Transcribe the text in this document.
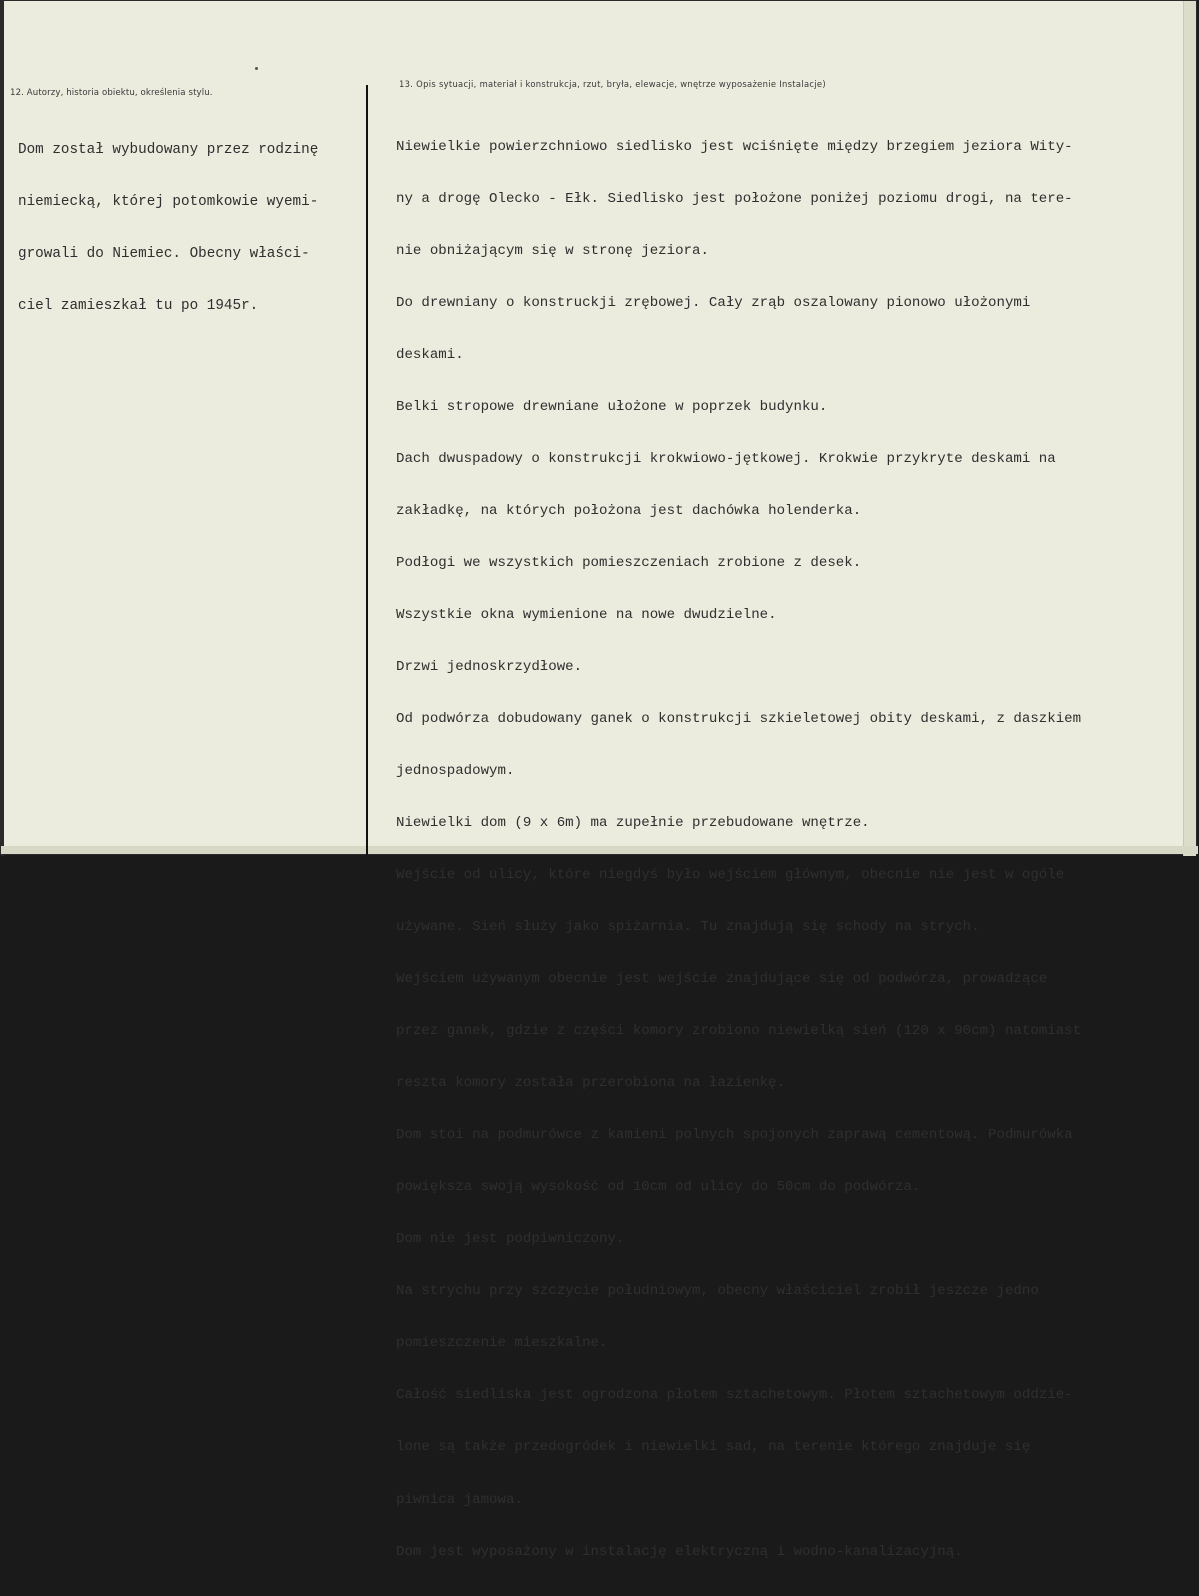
12. Autorzy, historia obiektu, określenia stylu.
13. Opis sytuacji, materiał i konstrukcja, rzut, bryła, elewacje, wnętrze wyposażenie Instalacje)

Dom został wybudowany przez rodzinę

niemiecką, której potomkowie wyemi-

growali do Niemiec. Obecny właści-

ciel zamieszkał tu po 1945r.

Niewielkie powierzchniowo siedlisko jest wciśnięte między brzegiem jeziora Wity-

ny a drogę Olecko - Ełk. Siedlisko jest położone poniżej poziomu drogi, na tere-

nie obniżającym się w stronę jeziora.

Do drewniany o konstruckji zrębowej. Cały zrąb oszalowany pionowo ułożonymi

deskami.

Belki stropowe drewniane ułożone w poprzek budynku.

Dach dwuspadowy o konstrukcji krokwiowo-jętkowej. Krokwie przykryte deskami na

zakładkę, na których położona jest dachówka holenderka.

Podłogi we wszystkich pomieszczeniach zrobione z desek.

Wszystkie okna wymienione na nowe dwudzielne.

Drzwi jednoskrzydłowe.

Od podwórza dobudowany ganek o konstrukcji szkieletowej obity deskami, z daszkiem

jednospadowym.

Niewielki dom (9 x 6m) ma zupełnie przebudowane wnętrze.

Wejście od ulicy, które niegdyś było wejściem głównym, obecnie nie jest w ogóle

używane. Sień służy jako spiżarnia. Tu znajdują się schody na strych.

Wejściem używanym obecnie jest wejście znajdujące się od podwórza, prowadzące

przez ganek, gdzie z części komory zrobiono niewielką sień (120 x 90cm) natomiast

reszta komory została przerobiona na łazienkę.

Dom stoi na podmurówce z kamieni polnych spojonych zaprawą cementową. Podmurówka

powiększa swoją wysokość od 10cm od ulicy do 50cm do podwórza.

Dom nie jest podpiwniczony.

Na strychu przy szczycie południowym, obecny właściciel zrobił jeszcze jedno

pomieszczenie mieszkalne.

Całość siedliska jest ogrodzona płotem sztachetowym. Płotem sztachetowym oddzie-

lone są także przedogródek i niewielki sad, na terenie którego znajduje się

piwnica jamowa.

Dom jest wyposażony w instalację elektryczną i wodno-kanalizacyjną.
